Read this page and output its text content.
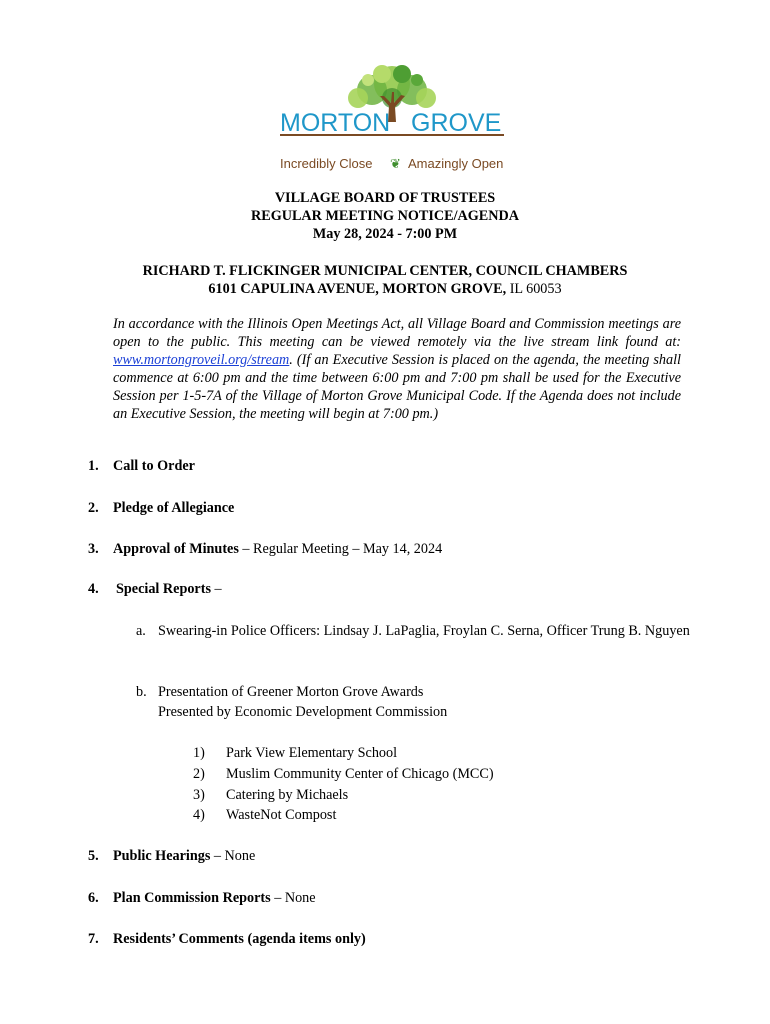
MORTON GROVE
Incredibly Close ❦ Amazingly Open
VILLAGE BOARD OF TRUSTEES
REGULAR MEETING NOTICE/AGENDA
May 28, 2024 - 7:00 PM
RICHARD T. FLICKINGER MUNICIPAL CENTER, COUNCIL CHAMBERS
6101 CAPULINA AVENUE, MORTON GROVE, IL 60053
In accordance with the Illinois Open Meetings Act, all Village Board and Commission meetings are open to the public. This meeting can be viewed remotely via the live stream link found at: www.mortongroveil.org/stream. (If an Executive Session is placed on the agenda, the meeting shall commence at 6:00 pm and the time between 6:00 pm and 7:00 pm shall be used for the Executive Session per 1-5-7A of the Village of Morton Grove Municipal Code. If the Agenda does not include an Executive Session, the meeting will begin at 7:00 pm.)
1. Call to Order
2. Pledge of Allegiance
3. Approval of Minutes – Regular Meeting – May 14, 2024
4. Special Reports –
a. Swearing-in Police Officers: Lindsay J. LaPaglia, Froylan C. Serna, Officer Trung B. Nguyen
b. Presentation of Greener Morton Grove Awards
Presented by Economic Development Commission
1) Park View Elementary School
2) Muslim Community Center of Chicago (MCC)
3) Catering by Michaels
4) WasteNot Compost
5. Public Hearings – None
6. Plan Commission Reports – None
7. Residents’ Comments (agenda items only)
